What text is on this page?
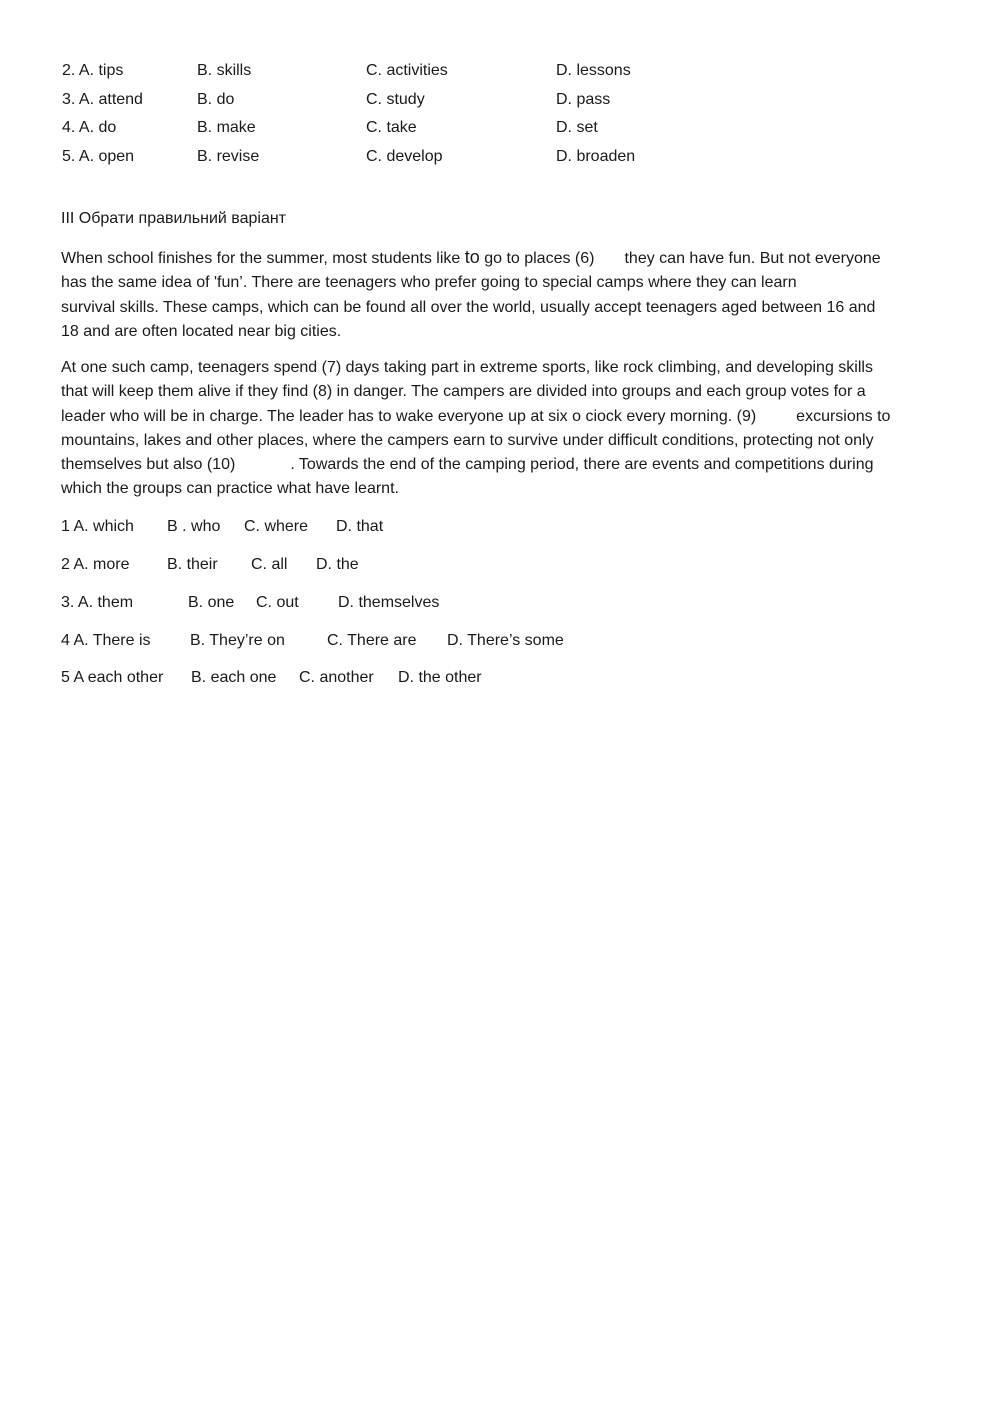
2. A. tips	B. skills	C. activities	D. lessons
3. A. attend	B. do	C. study	D. pass
4. A. do	B. make	C. take	D. set
5. A. open	B. revise	C. develop	D. broaden
III Обрати правильний варіант
When school finishes for the summer, most students like to go to places (6) they can have fun. But not everyone
has the same idea of 'fun’. There are teenagers who prefer going to special camps where they can learn
survival skills. These camps, which can be found all over the world, usually accept teenagers aged between 16 and
18 and are often located near big cities.
At one such camp, teenagers spend (7) days taking part in extreme sports, like rock climbing, and developing skills
that will keep them alive if they find (8) in danger. The campers are divided into groups and each group votes for a
leader who will be in charge. The leader has to wake everyone up at six o ciock every morning. (9)	excursions to
mountains, lakes and other places, where the campers earn to survive under difficult conditions, protecting not only
themselves but also (10)	. Towards the end of the camping period, there are events and competitions during
which the groups can practice what have learnt.
1 A. which B . who C. where D. that
2 A. more B. their C. all D. the
3. A. them	B. one C. out D. themselves
4 A. There is B. They’re on	C. There are D. There’s some
5 A each other B. each one C. another D. the other
